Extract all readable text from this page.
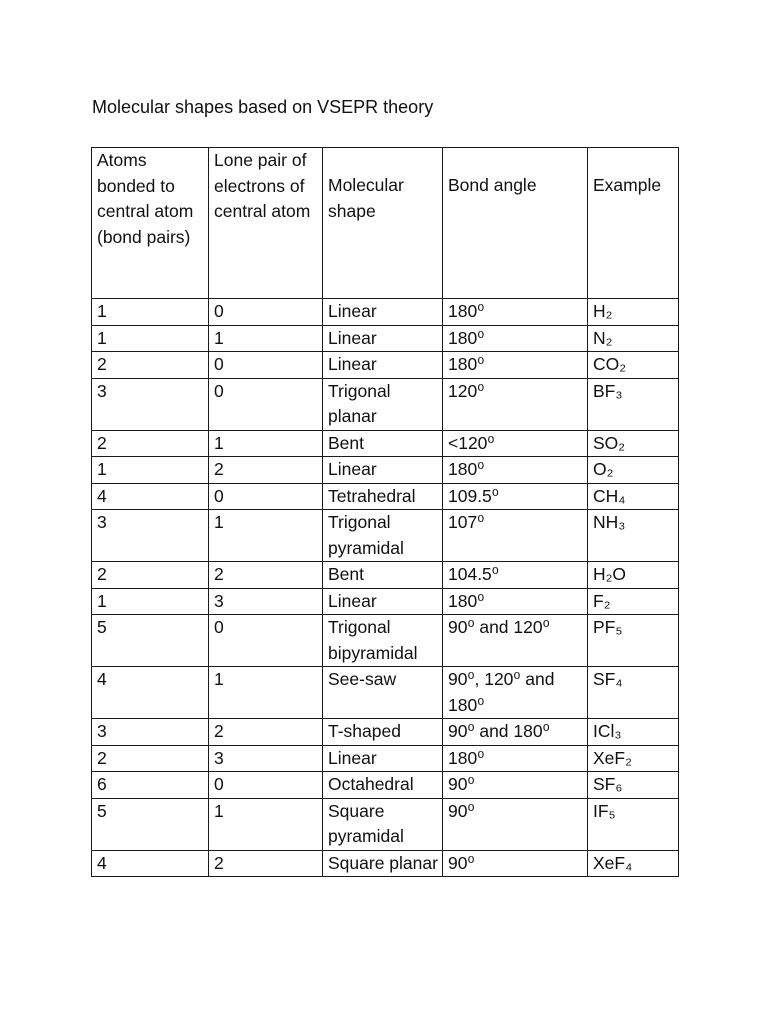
Molecular shapes based on VSEPR theory
Atoms bonded to central atom (bond pairs)	Lone pair of electrons of central atom	Molecular shape	Bond angle	Example
1	0	Linear	180⁰	H₂
1	1	Linear	180⁰	N₂
2	0	Linear	180⁰	CO₂
3	0	Trigonal planar	120⁰	BF₃
2	1	Bent	<120⁰	SO₂
1	2	Linear	180⁰	O₂
4	0	Tetrahedral	109.5⁰	CH₄
3	1	Trigonal pyramidal	107⁰	NH₃
2	2	Bent	104.5⁰	H₂O
1	3	Linear	180⁰	F₂
5	0	Trigonal bipyramidal	90⁰ and 120⁰	PF₅
4	1	See-saw	90⁰, 120⁰ and 180⁰	SF₄
3	2	T-shaped	90⁰ and 180⁰	ICl₃
2	3	Linear	180⁰	XeF₂
6	0	Octahedral	90⁰	SF₆
5	1	Square pyramidal	90⁰	IF₅
4	2	Square planar	90⁰	XeF₄
